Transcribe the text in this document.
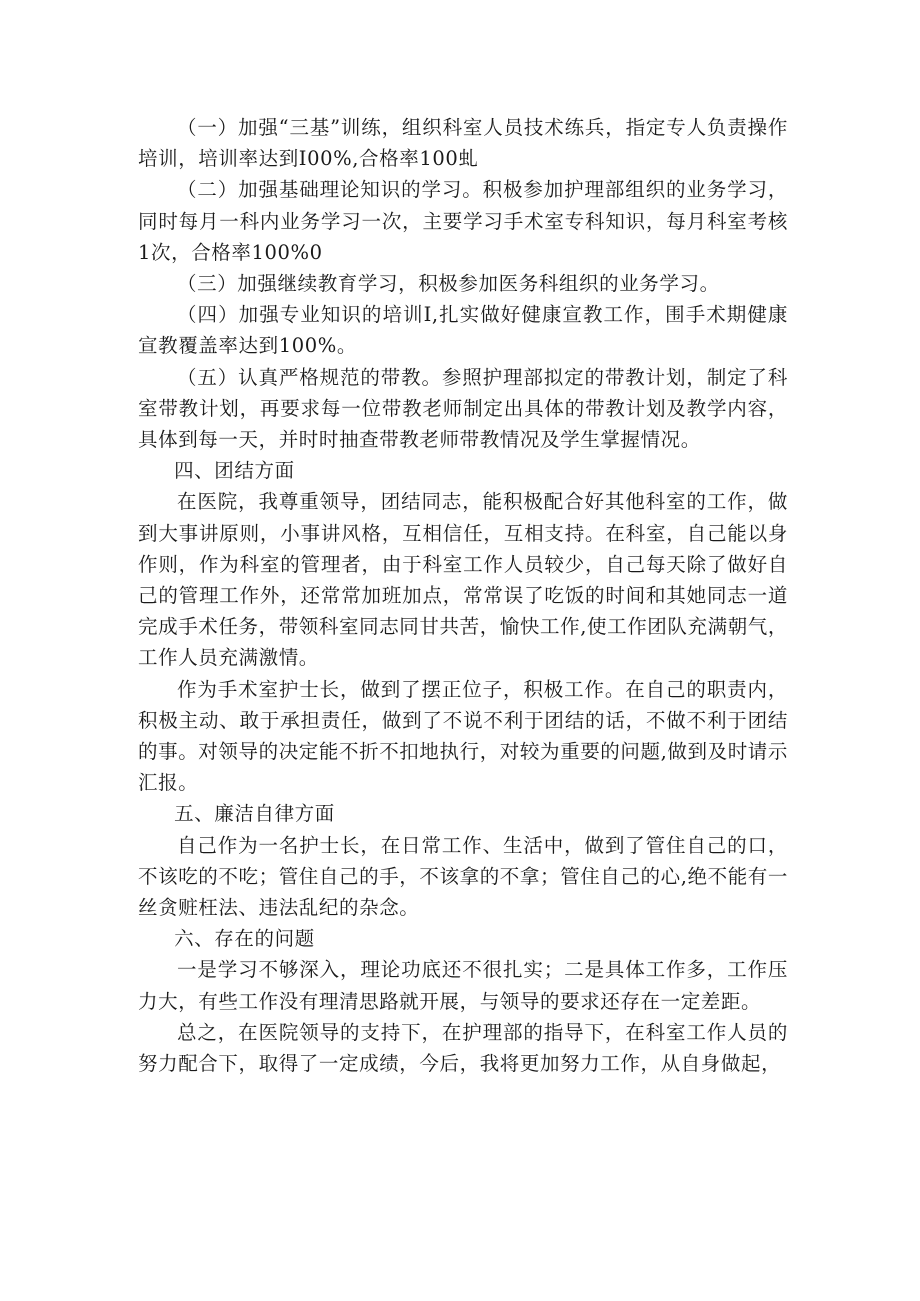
（一）加强“三基”训练，组织科室人员技术练兵，指定专人负责操作培训，培训率达到I00%,合格率100虬

（二）加强基础理论知识的学习。积极参加护理部组织的业务学习，同时每月一科内业务学习一次，主要学习手术室专科知识，每月科室考核1次，合格率100%0

（三）加强继续教育学习，积极参加医务科组织的业务学习。

（四）加强专业知识的培训I,扎实做好健康宣教工作，围手术期健康宣教覆盖率达到100%。

（五）认真严格规范的带教。参照护理部拟定的带教计划，制定了科室带教计划，再要求每一位带教老师制定出具体的带教计划及教学内容，具体到每一天，并时时抽查带教老师带教情况及学生掌握情况。

四、团结方面

在医院，我尊重领导，团结同志，能积极配合好其他科室的工作，做到大事讲原则，小事讲风格，互相信任，互相支持。在科室，自己能以身作则，作为科室的管理者，由于科室工作人员较少，自己每天除了做好自己的管理工作外，还常常加班加点，常常误了吃饭的时间和其她同志一道完成手术任务，带领科室同志同甘共苦，愉快工作,使工作团队充满朝气，工作人员充满激情。

作为手术室护士长，做到了摆正位子，积极工作。在自己的职责内，积极主动、敢于承担责任，做到了不说不利于团结的话，不做不利于团结的事。对领导的决定能不折不扣地执行，对较为重要的问题,做到及时请示汇报。

五、廉洁自律方面

自己作为一名护士长，在日常工作、生活中，做到了管住自己的口，不该吃的不吃；管住自己的手，不该拿的不拿；管住自己的心,绝不能有一丝贪赃枉法、违法乱纪的杂念。

六、存在的问题

一是学习不够深入，理论功底还不很扎实；二是具体工作多，工作压力大，有些工作没有理清思路就开展，与领导的要求还存在一定差距。

总之，在医院领导的支持下，在护理部的指导下，在科室工作人员的努力配合下，取得了一定成绩，今后，我将更加努力工作，从自身做起，
